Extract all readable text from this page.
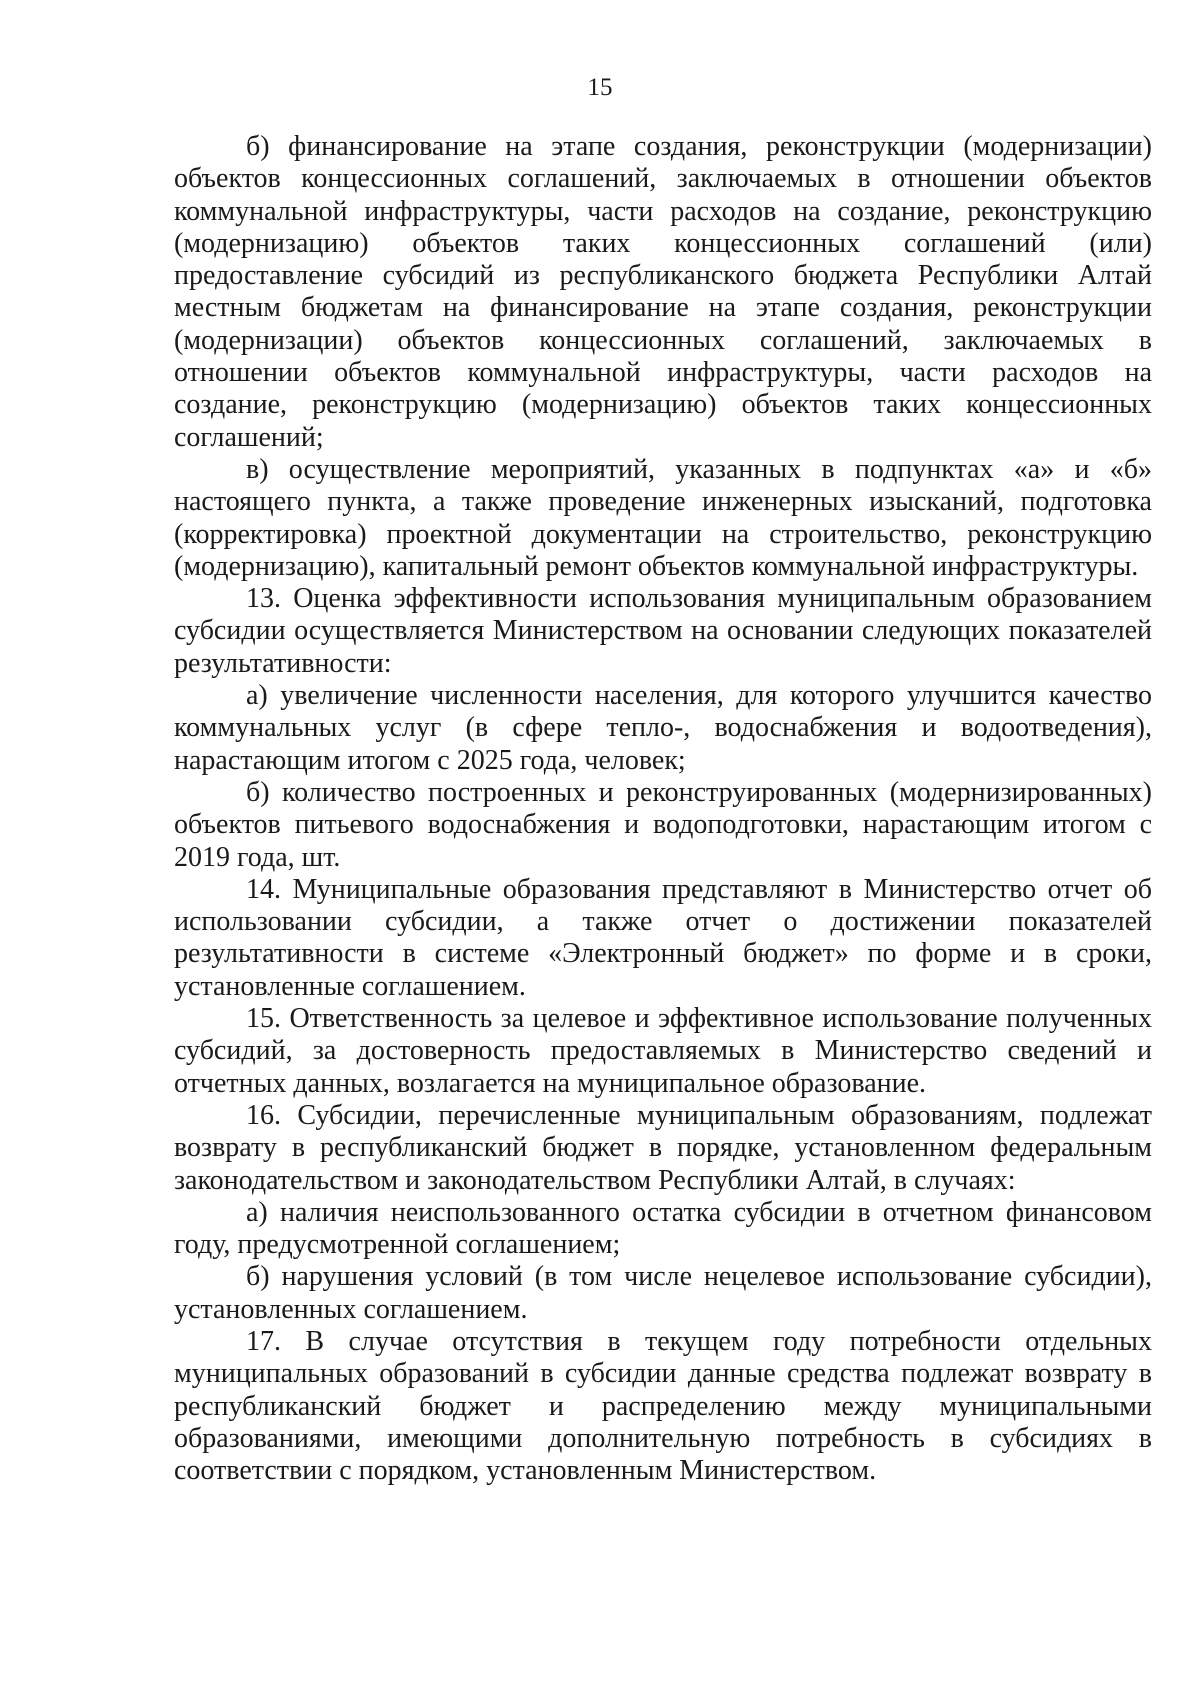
15

б) финансирование на этапе создания, реконструкции (модернизации) объектов концессионных соглашений, заключаемых в отношении объектов коммунальной инфраструктуры, части расходов на создание, реконструкцию (модернизацию) объектов таких концессионных соглашений (или) предоставление субсидий из республиканского бюджета Республики Алтай местным бюджетам на финансирование на этапе создания, реконструкции (модернизации) объектов концессионных соглашений, заключаемых в отношении объектов коммунальной инфраструктуры, части расходов на создание, реконструкцию (модернизацию) объектов таких концессионных соглашений;

в) осуществление мероприятий, указанных в подпунктах «а» и «б» настоящего пункта, а также проведение инженерных изысканий, подготовка (корректировка) проектной документации на строительство, реконструкцию (модернизацию), капитальный ремонт объектов коммунальной инфраструктуры.

13. Оценка эффективности использования муниципальным образованием субсидии осуществляется Министерством на основании следующих показателей результативности:

а) увеличение численности населения, для которого улучшится качество коммунальных услуг (в сфере тепло-, водоснабжения и водоотведения), нарастающим итогом с 2025 года, человек;

б) количество построенных и реконструированных (модернизированных) объектов питьевого водоснабжения и водоподготовки, нарастающим итогом с 2019 года, шт.

14. Муниципальные образования представляют в Министерство отчет об использовании субсидии, а также отчет о достижении показателей результативности в системе «Электронный бюджет» по форме и в сроки, установленные соглашением.

15. Ответственность за целевое и эффективное использование полученных субсидий, за достоверность предоставляемых в Министерство сведений и отчетных данных, возлагается на муниципальное образование.

16. Субсидии, перечисленные муниципальным образованиям, подлежат возврату в республиканский бюджет в порядке, установленном федеральным законодательством и законодательством Республики Алтай, в случаях:

а) наличия неиспользованного остатка субсидии в отчетном финансовом году, предусмотренной соглашением;

б) нарушения условий (в том числе нецелевое использование субсидии), установленных соглашением.

17. В случае отсутствия в текущем году потребности отдельных муниципальных образований в субсидии данные средства подлежат возврату в республиканский бюджет и распределению между муниципальными образованиями, имеющими дополнительную потребность в субсидиях в соответствии с порядком, установленным Министерством.
